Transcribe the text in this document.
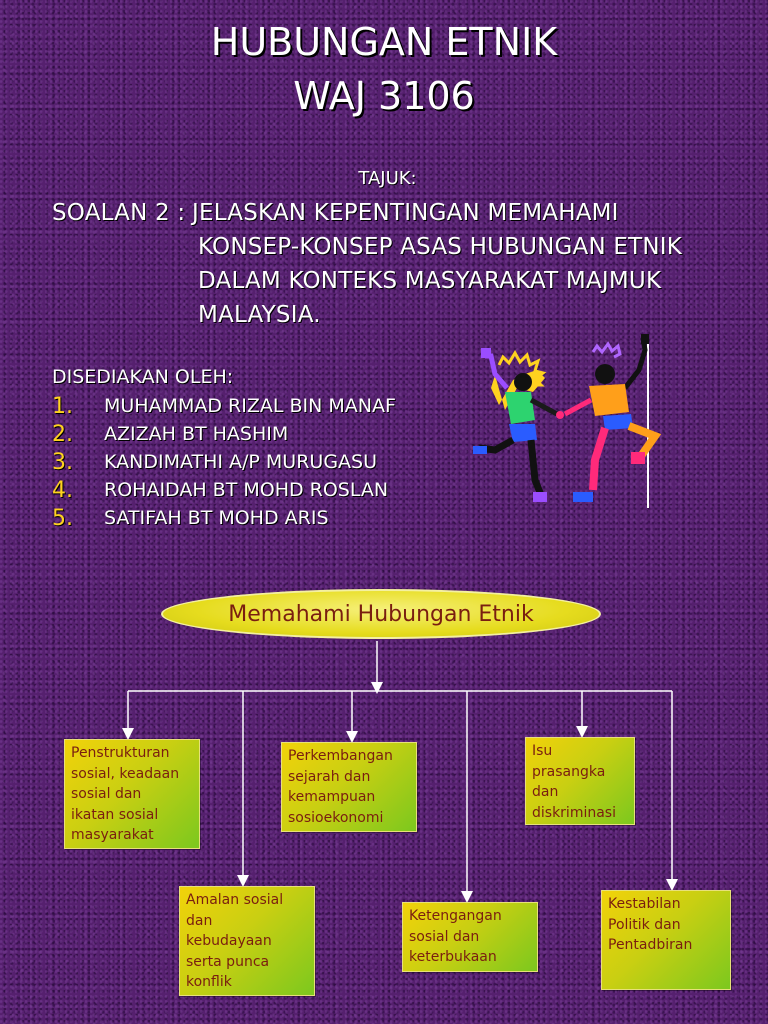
HUBUNGAN ETNIK
WAJ 3106
TAJUK:
SOALAN 2 : JELASKAN KEPENTINGAN MEMAHAMI
KONSEP-KONSEP ASAS HUBUNGAN ETNIK
DALAM KONTEKS MASYARAKAT MAJMUK
MALAYSIA.
DISEDIAKAN OLEH:
1.	MUHAMMAD RIZAL BIN MANAF
2.	AZIZAH BT HASHIM
3.	KANDIMATHI A/P MURUGASU
4.	ROHAIDAH BT MOHD ROSLAN
5.	SATIFAH BT MOHD ARIS
Memahami Hubungan Etnik
Penstrukturan
sosial, keadaan
sosial dan
ikatan sosial
masyarakat
Amalan sosial
dan
kebudayaan
serta punca
konflik
Perkembangan
sejarah dan
kemampuan
sosioekonomi
Ketengangan
sosial dan
keterbukaan
Isu
prasangka
dan
diskriminasi
Kestabilan
Politik dan
Pentadbiran
